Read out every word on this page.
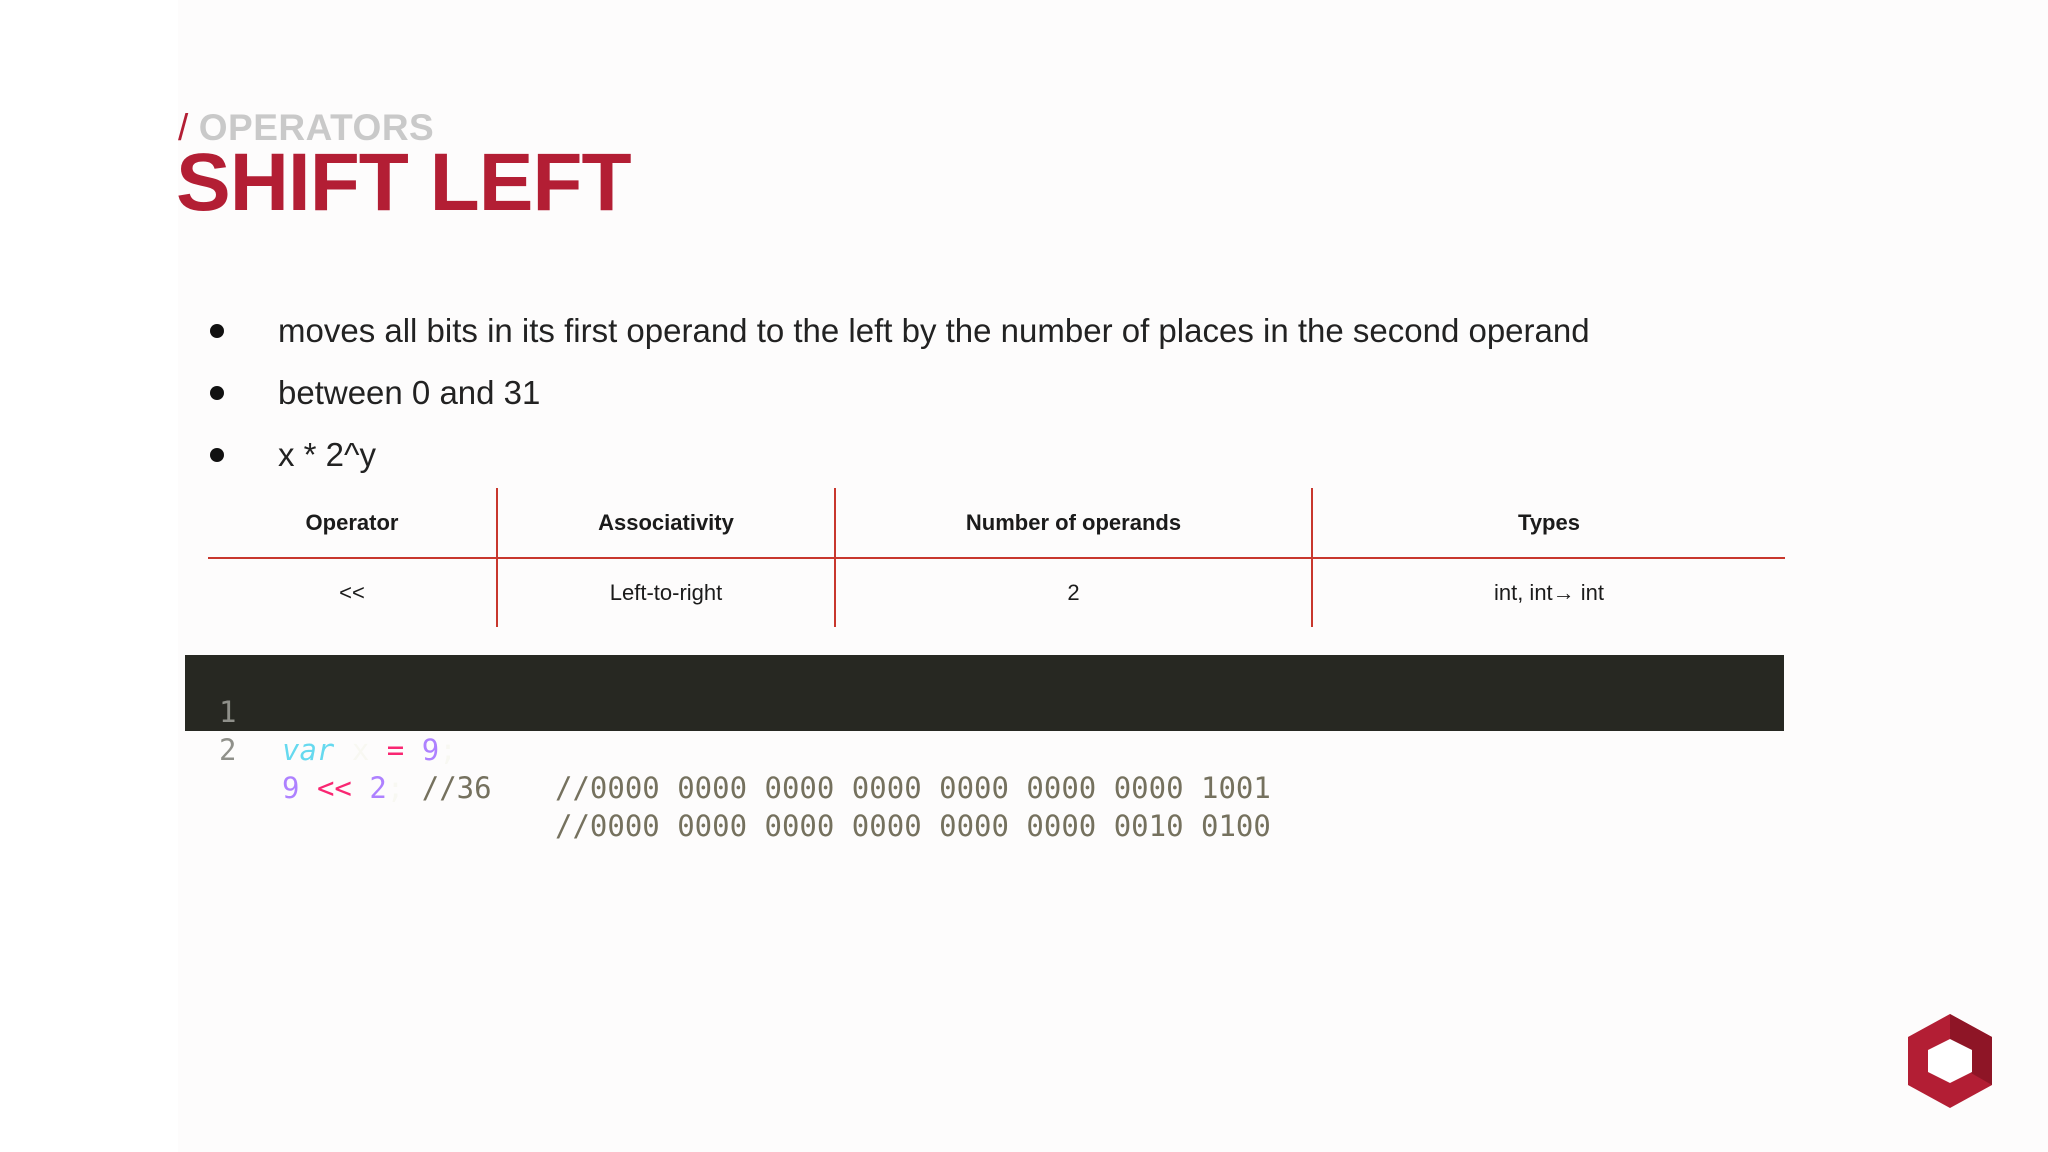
/ OPERATORS
SHIFT LEFT
moves all bits in its first operand to the left by the number of places in the second operand
between 0 and 31
x * 2^y
Operator	Associativity	Number of operands	Types
<<	Left-to-right	2	int, int→ int

1

var x = 9;

//0000 0000 0000 0000 0000 0000 0000 1001

2

9 << 2; //36

//0000 0000 0000 0000 0000 0000 0010 0100
